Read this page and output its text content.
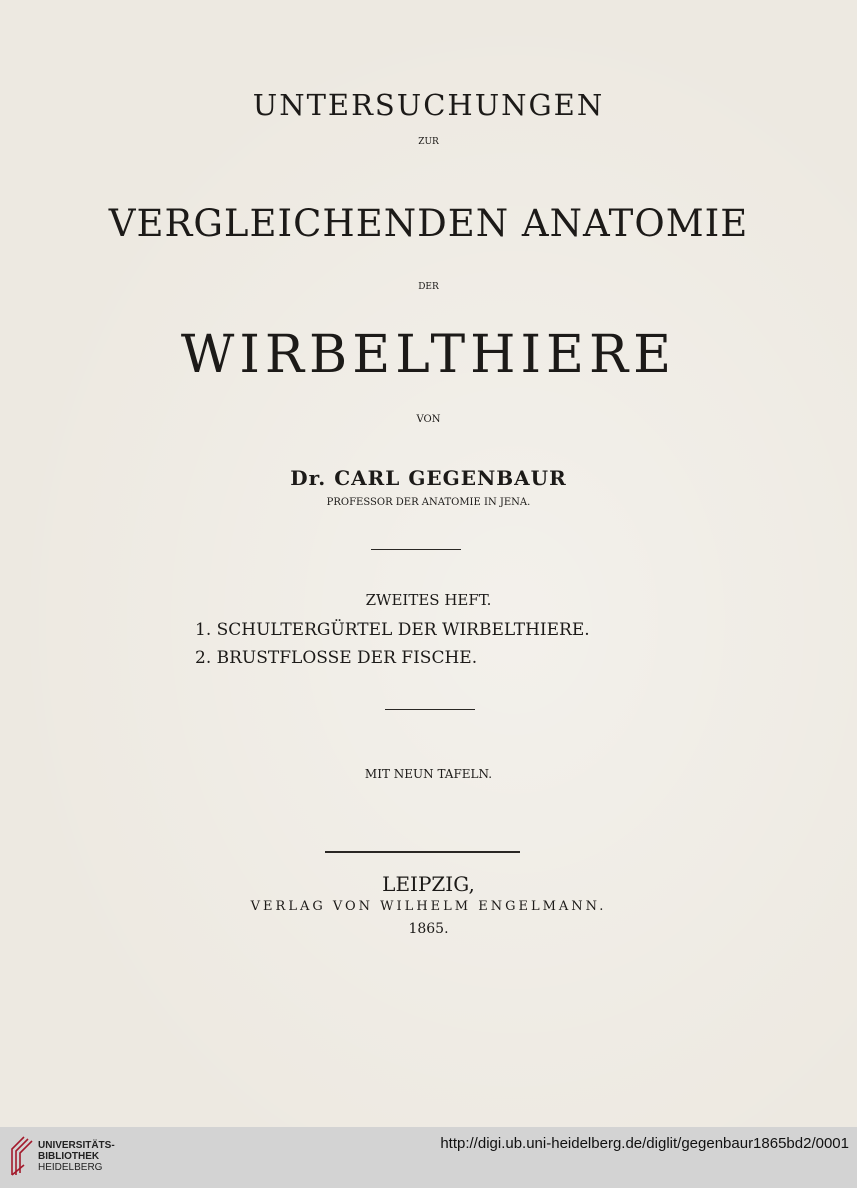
UNTERSUCHUNGEN
ZUR
VERGLEICHENDEN ANATOMIE
DER
WIRBELTHIERE
VON
Dr. CARL GEGENBAUR
PROFESSOR DER ANATOMIE IN JENA.
ZWEITES HEFT.
1. SCHULTERGÜRTEL DER WIRBELTHIERE.
2. BRUSTFLOSSE DER FISCHE.
MIT NEUN TAFELN.
LEIPZIG,
VERLAG VON WILHELM ENGELMANN.
1865.
UNIVERSITÄTS-
BIBLIOTHEK
HEIDELBERG
http://digi.ub.uni-heidelberg.de/diglit/gegenbaur1865bd2/0001
